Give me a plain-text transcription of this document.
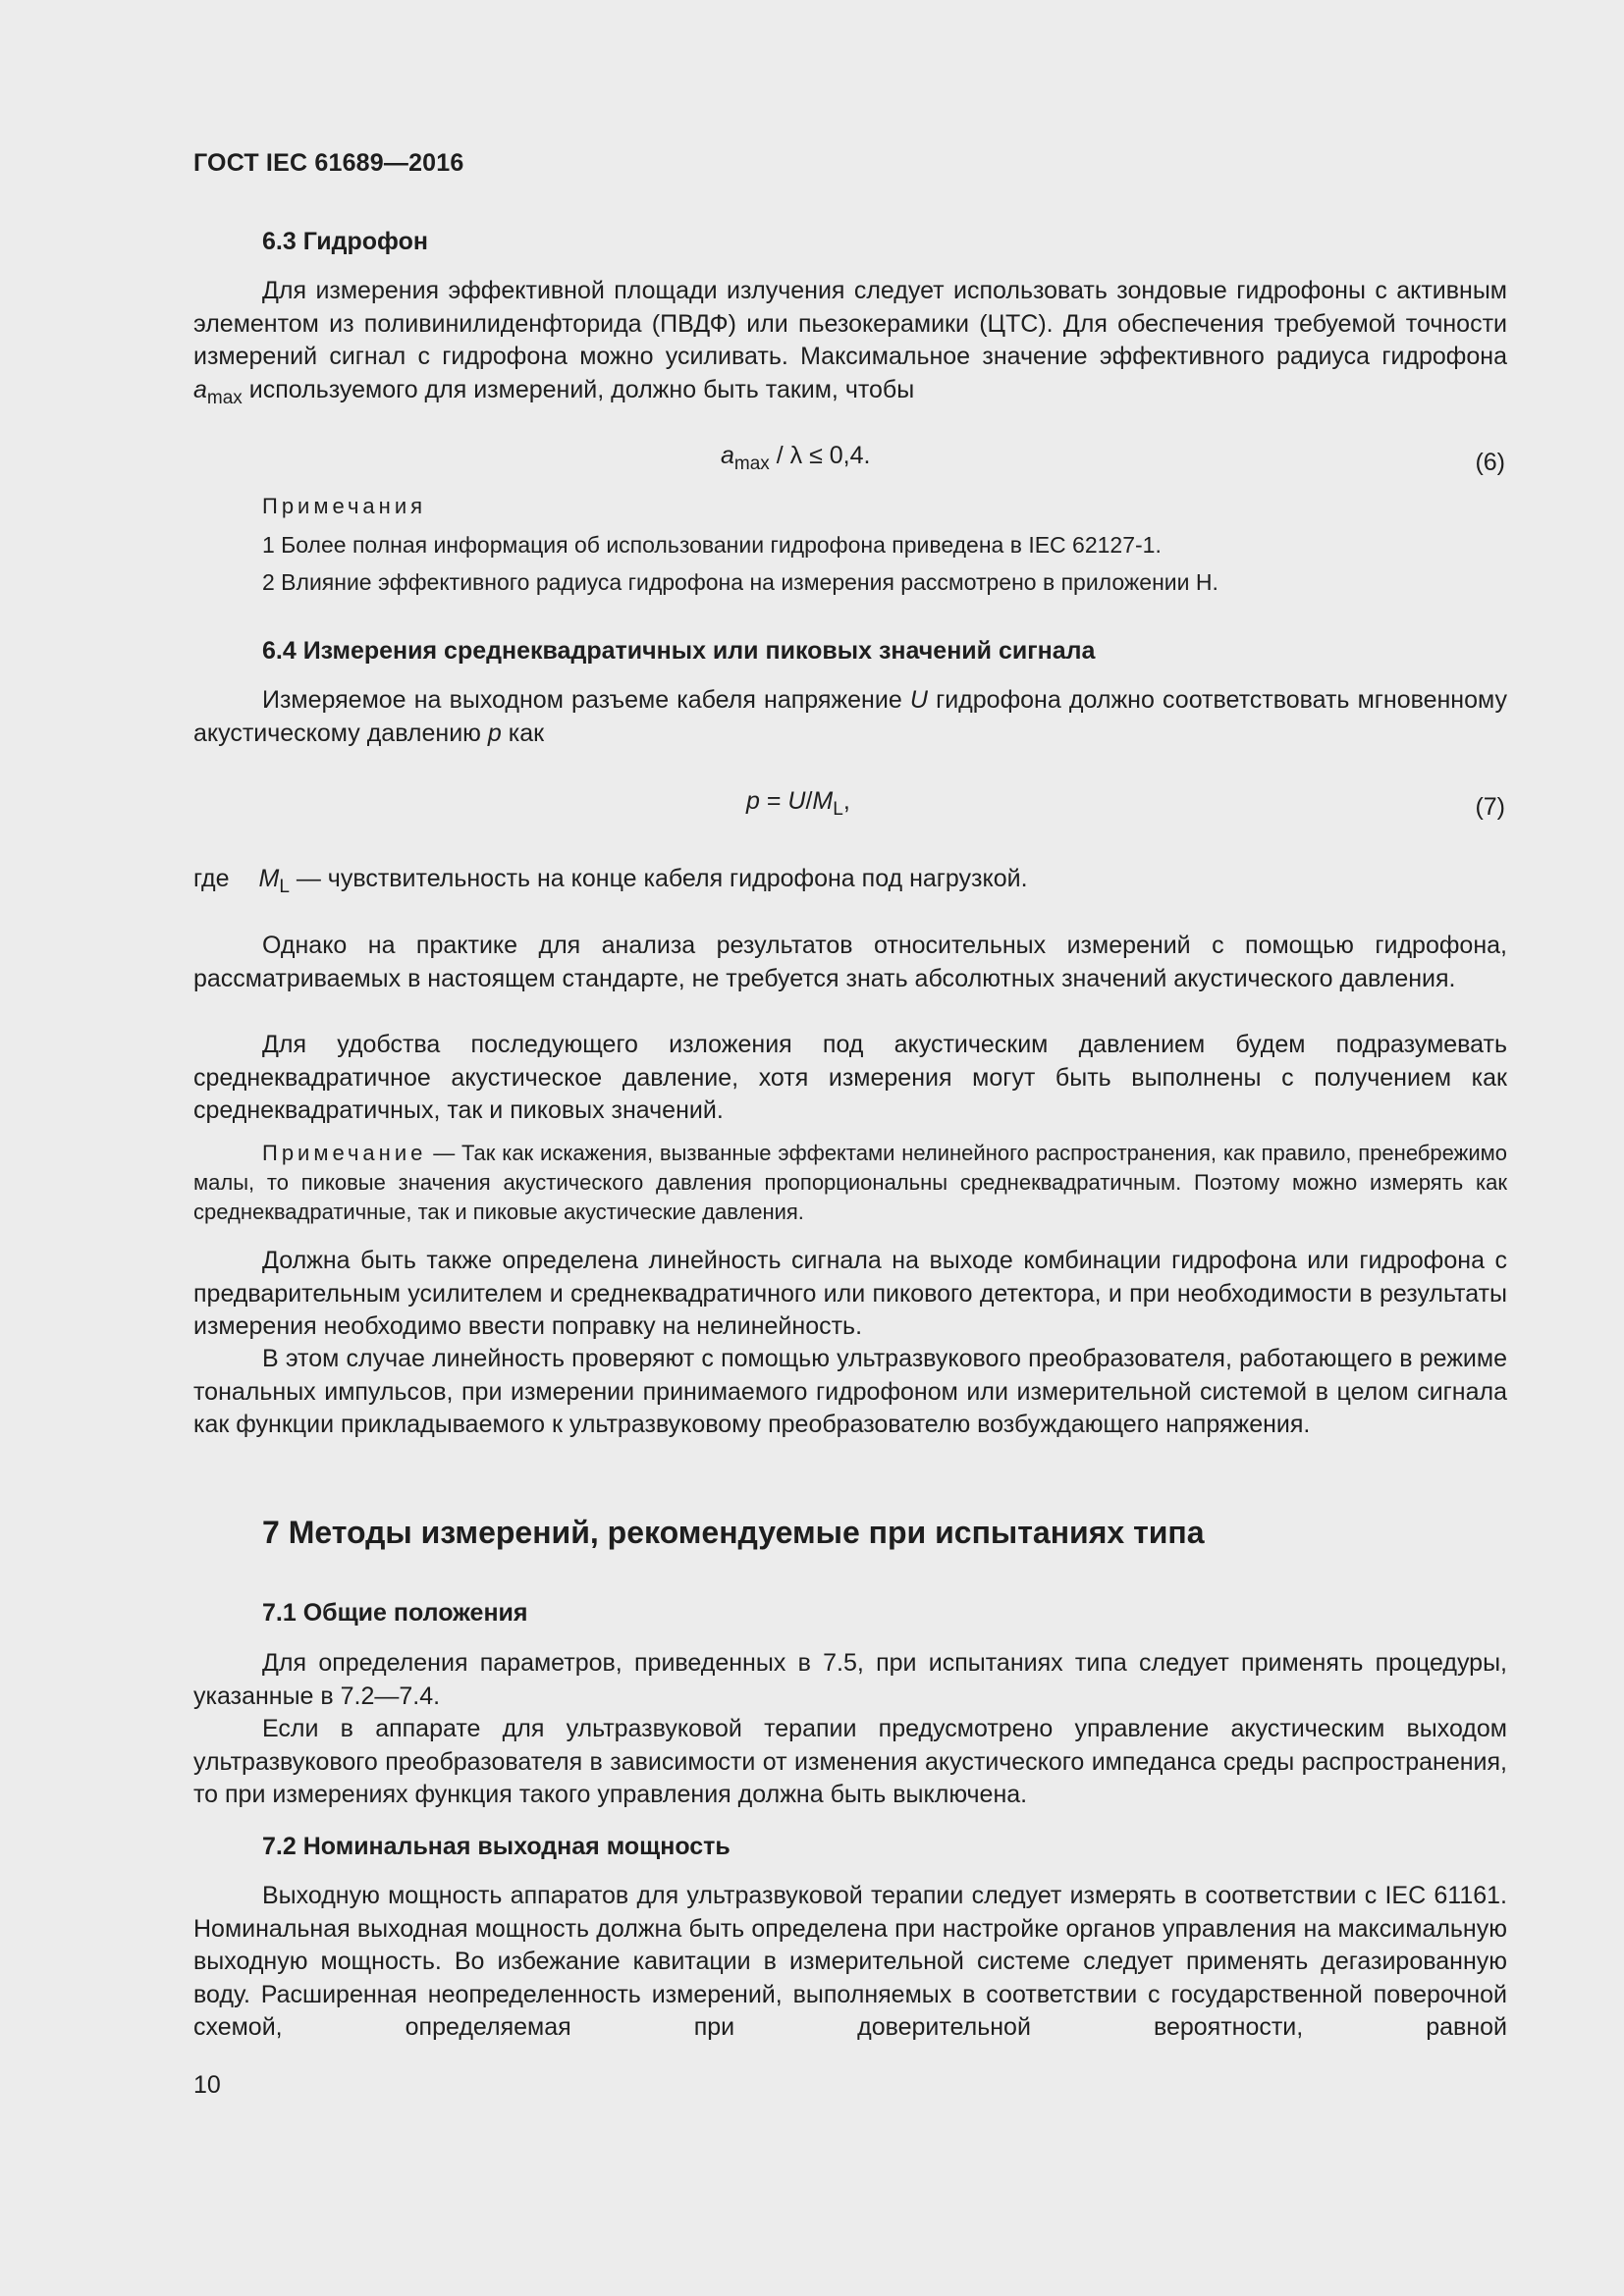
ГОСТ IEC 61689—2016
6.3 Гидрофон
Для измерения эффективной площади излучения следует использовать зондовые гидрофоны с активным элементом из поливинилиденфторида (ПВДФ) или пьезокерамики (ЦТС). Для обеспечения требуемой точности измерений сигнал с гидрофона можно усиливать. Максимальное значение эффективного радиуса гидрофона $a_{max}$ используемого для измерений, должно быть таким, чтобы
$a_{max} / \lambda \le 0,4$.	(6)
Примечания
1 Более полная информация об использовании гидрофона приведена в IEC 62127-1.
2 Влияние эффективного радиуса гидрофона на измерения рассмотрено в приложении Н.
6.4 Измерения среднеквадратичных или пиковых значений сигнала
Измеряемое на выходном разъеме кабеля напряжение U гидрофона должно соответствовать мгновенному акустическому давлению p как
$p = U/M_L$,	(7)
где $M_L$ — чувствительность на конце кабеля гидрофона под нагрузкой.
Однако на практике для анализа результатов относительных измерений с помощью гидрофона, рассматриваемых в настоящем стандарте, не требуется знать абсолютных значений акустического давления.
Для удобства последующего изложения под акустическим давлением будем подразумевать среднеквадратичное акустическое давление, хотя измерения могут быть выполнены с получением как среднеквадратичных, так и пиковых значений.
Примечание — Так как искажения, вызванные эффектами нелинейного распространения, как правило, пренебрежимо малы, то пиковые значения акустического давления пропорциональны среднеквадратичным. Поэтому можно измерять как среднеквадратичные, так и пиковые акустические давления.
Должна быть также определена линейность сигнала на выходе комбинации гидрофона или гидрофона с предварительным усилителем и среднеквадратичного или пикового детектора, и при необходимости в результаты измерения необходимо ввести поправку на нелинейность.
В этом случае линейность проверяют с помощью ультразвукового преобразователя, работающего в режиме тональных импульсов, при измерении принимаемого гидрофоном или измерительной системой в целом сигнала как функции прикладываемого к ультразвуковому преобразователю возбуждающего напряжения.
7 Методы измерений, рекомендуемые при испытаниях типа
7.1 Общие положения
Для определения параметров, приведенных в 7.5, при испытаниях типа следует применять процедуры, указанные в 7.2—7.4.
Если в аппарате для ультразвуковой терапии предусмотрено управление акустическим выходом ультразвукового преобразователя в зависимости от изменения акустического импеданса среды распространения, то при измерениях функция такого управления должна быть выключена.
7.2 Номинальная выходная мощность
Выходную мощность аппаратов для ультразвуковой терапии следует измерять в соответствии с IEC 61161. Номинальная выходная мощность должна быть определена при настройке органов управления на максимальную выходную мощность. Во избежание кавитации в измерительной системе следует применять дегазированную воду. Расширенная неопределенность измерений, выполняемых в соответствии с государственной поверочной схемой, определяемая при доверительной вероятности, равной
10
